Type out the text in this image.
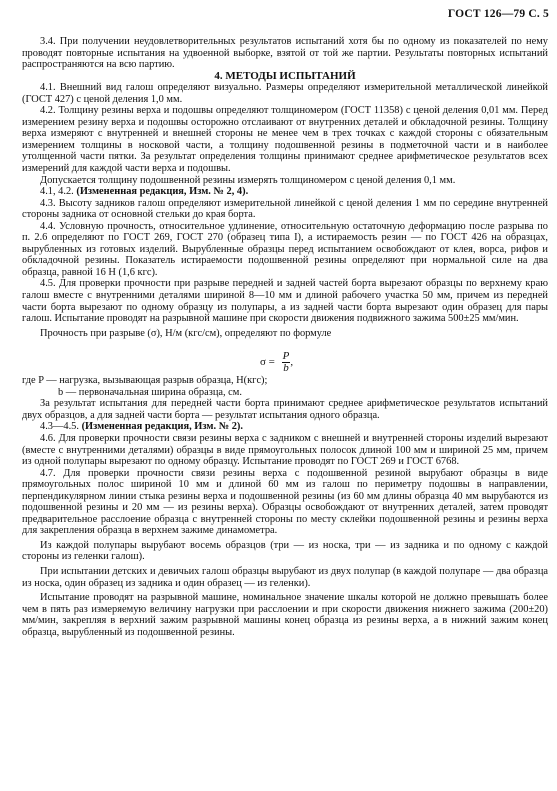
ГОСТ 126—79 С. 5

3.4. При получении неудовлетворительных результатов испытаний хотя бы по одному из показателей по нему проводят повторные испытания на удвоенной выборке, взятой от той же партии. Результаты повторных испытаний распространяются на всю партию.

4. МЕТОДЫ ИСПЫТАНИЙ

4.1. Внешний вид галош определяют визуально. Размеры определяют измерительной металлической линейкой (ГОСТ 427) с ценой деления 1,0 мм.

4.2. Толщину резины верха и подошвы определяют толщиномером (ГОСТ 11358) с ценой деления 0,01 мм. Перед измерением резину верха и подошвы осторожно отслаивают от внутренних деталей и обкладочной резины. Толщину верха измеряют с внутренней и внешней стороны не менее чем в трех точках с каждой стороны с обязательным измерением толщины в носковой части, а толщину подошвенной резины в подметочной части и в наиболее утолщенной части пятки. За результат определения толщины принимают среднее арифметическое результатов всех измерений для каждой части верха и подошвы.

Допускается толщину подошвенной резины измерять толщиномером с ценой деления 0,1 мм.

4.1, 4.2. (Измененная редакция, Изм. № 2, 4).

4.3. Высоту задников галош определяют измерительной линейкой с ценой деления 1 мм по середине внутренней стороны задника от основной стельки до края борта.

4.4. Условную прочность, относительное удлинение, относительную остаточную деформацию после разрыва по п. 2.6 определяют по ГОСТ 269, ГОСТ 270 (образец типа I), а истираемость резин — по ГОСТ 426 на образцах, вырубленных из готовых изделий. Вырубленные образцы перед испытанием освобождают от клея, ворса, рифов и обкладочной резины. Показатель истираемости подошвенной резины определяют при нормальной силе на два образца, равной 16 Н (1,6 кгс).

4.5. Для проверки прочности при разрыве передней и задней частей борта вырезают образцы по верхнему краю галош вместе с внутренними деталями шириной 8—10 мм и длиной рабочего участка 50 мм, причем из передней части борта вырезают по одному образцу из полупары, а из задней части борта вырезают один образец для пары галош. Испытание проводят на разрывной машине при скорости движения подвижного зажима 500±25 мм/мин.

Прочность при разрыве (σ), Н/м (кгс/см), определяют по формуле

$\sigma = \frac{P}{b}$ ,

где P — нагрузка, вызывающая разрыв образца, Н(кгс);

b — первоначальная ширина образца, см.

За результат испытания для передней части борта принимают среднее арифметическое результатов испытаний двух образцов, а для задней части борта — результат испытания одного образца.

4.3—4.5. (Измененная редакция, Изм. № 2).

4.6. Для проверки прочности связи резины верха с задником с внешней и внутренней стороны изделий вырезают (вместе с внутренними деталями) образцы в виде прямоугольных полосок длиной 100 мм и шириной 25 мм, причем из одной полупары вырезают по одному образцу. Испытание проводят по ГОСТ 269 и ГОСТ 6768.

4.7. Для проверки прочности связи резины верха с подошвенной резиной вырубают образцы в виде прямоугольных полос шириной 10 мм и длиной 60 мм из галош по периметру подошвы в направлении, перпендикулярном линии стыка резины верха и подошвенной резины (из 60 мм длины образца 40 мм вырубаются из подошвенной резины и 20 мм — из резины верха). Образцы освобождают от внутренних деталей, затем проводят предварительное расслоение образца с внутренней стороны по месту склейки подошвенной резины и резины верха для закрепления образца в верхнем зажиме динамометра.

Из каждой полупары вырубают восемь образцов (три — из носка, три — из задника и по одному с каждой стороны из геленки галош).

При испытании детских и девичьих галош образцы вырубают из двух полупар (в каждой полупаре — два образца из носка, один образец из задника и один образец — из геленки).

Испытание проводят на разрывной машине, номинальное значение шкалы которой не должно превышать более чем в пять раз измеряемую величину нагрузки при расслоении и при скорости движения нижнего зажима (200±20) мм/мин, закрепляя в верхний зажим разрывной машины конец образца из резины верха, а в нижний зажим конец образца, вырубленный из подошвенной резины.
